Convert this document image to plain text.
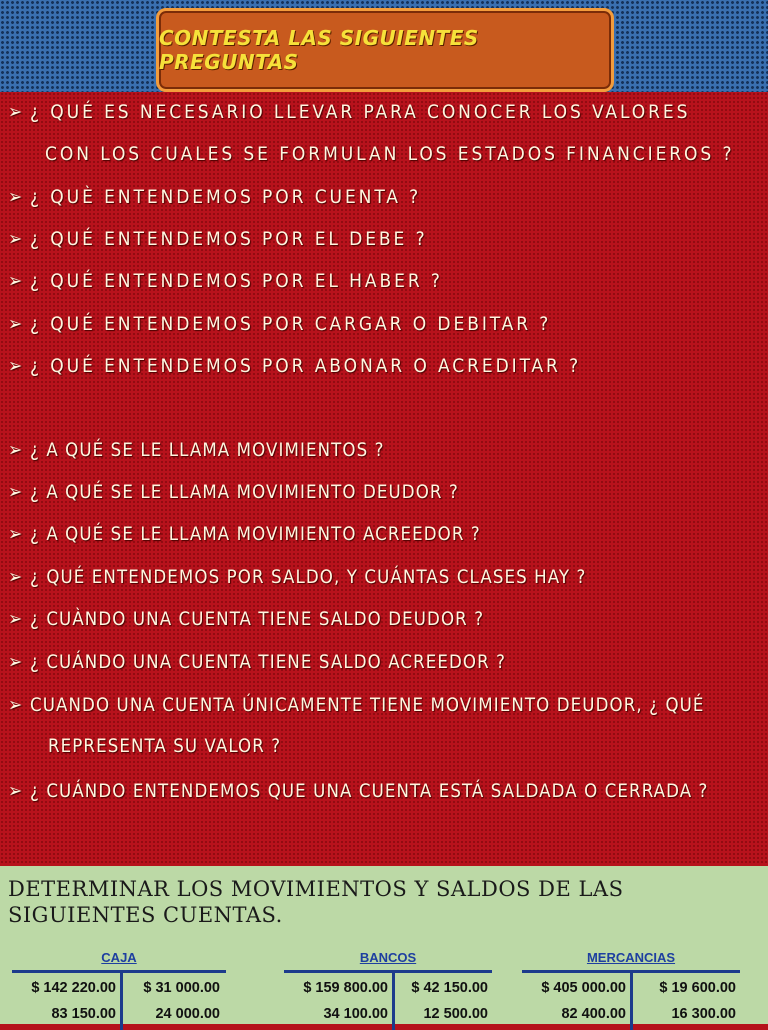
CONTESTA LAS SIGUIENTES PREGUNTAS
➢ ¿ QUÉ ES NECESARIO LLEVAR PARA CONOCER LOS VALORES
CON LOS CUALES SE FORMULAN LOS ESTADOS FINANCIEROS ?
➢ ¿ QUÈ ENTENDEMOS POR CUENTA ?
➢ ¿ QUÉ ENTENDEMOS POR EL DEBE ?
➢ ¿ QUÉ ENTENDEMOS POR EL HABER ?
➢ ¿ QUÉ ENTENDEMOS POR CARGAR O DEBITAR ?
➢ ¿ QUÉ ENTENDEMOS POR ABONAR O ACREDITAR ?
➢ ¿ A QUÉ SE LE LLAMA MOVIMIENTOS ?
➢ ¿ A QUÉ SE LE LLAMA MOVIMIENTO DEUDOR ?
➢ ¿ A QUÉ SE LE LLAMA MOVIMIENTO ACREEDOR ?
➢ ¿ QUÉ ENTENDEMOS POR SALDO, Y CUÁNTAS CLASES HAY ?
➢ ¿ CUÀNDO UNA CUENTA TIENE SALDO DEUDOR ?
➢ ¿ CUÁNDO UNA CUENTA TIENE SALDO ACREEDOR ?
➢ CUANDO UNA CUENTA ÚNICAMENTE TIENE MOVIMIENTO DEUDOR, ¿ QUÉ
REPRESENTA SU VALOR ?
➢ ¿ CUÁNDO ENTENDEMOS QUE UNA CUENTA ESTÁ SALDADA O CERRADA ?
DETERMINAR LOS MOVIMIENTOS Y SALDOS DE LAS SIGUIENTES CUENTAS.
CAJA
$ 142 220.00
83 150.00
$ 31 000.00
24 000.00
BANCOS
$ 159 800.00
34 100.00
$ 42 150.00
12 500.00
MERCANCIAS
$ 405 000.00
82 400.00
$ 19 600.00
16 300.00
